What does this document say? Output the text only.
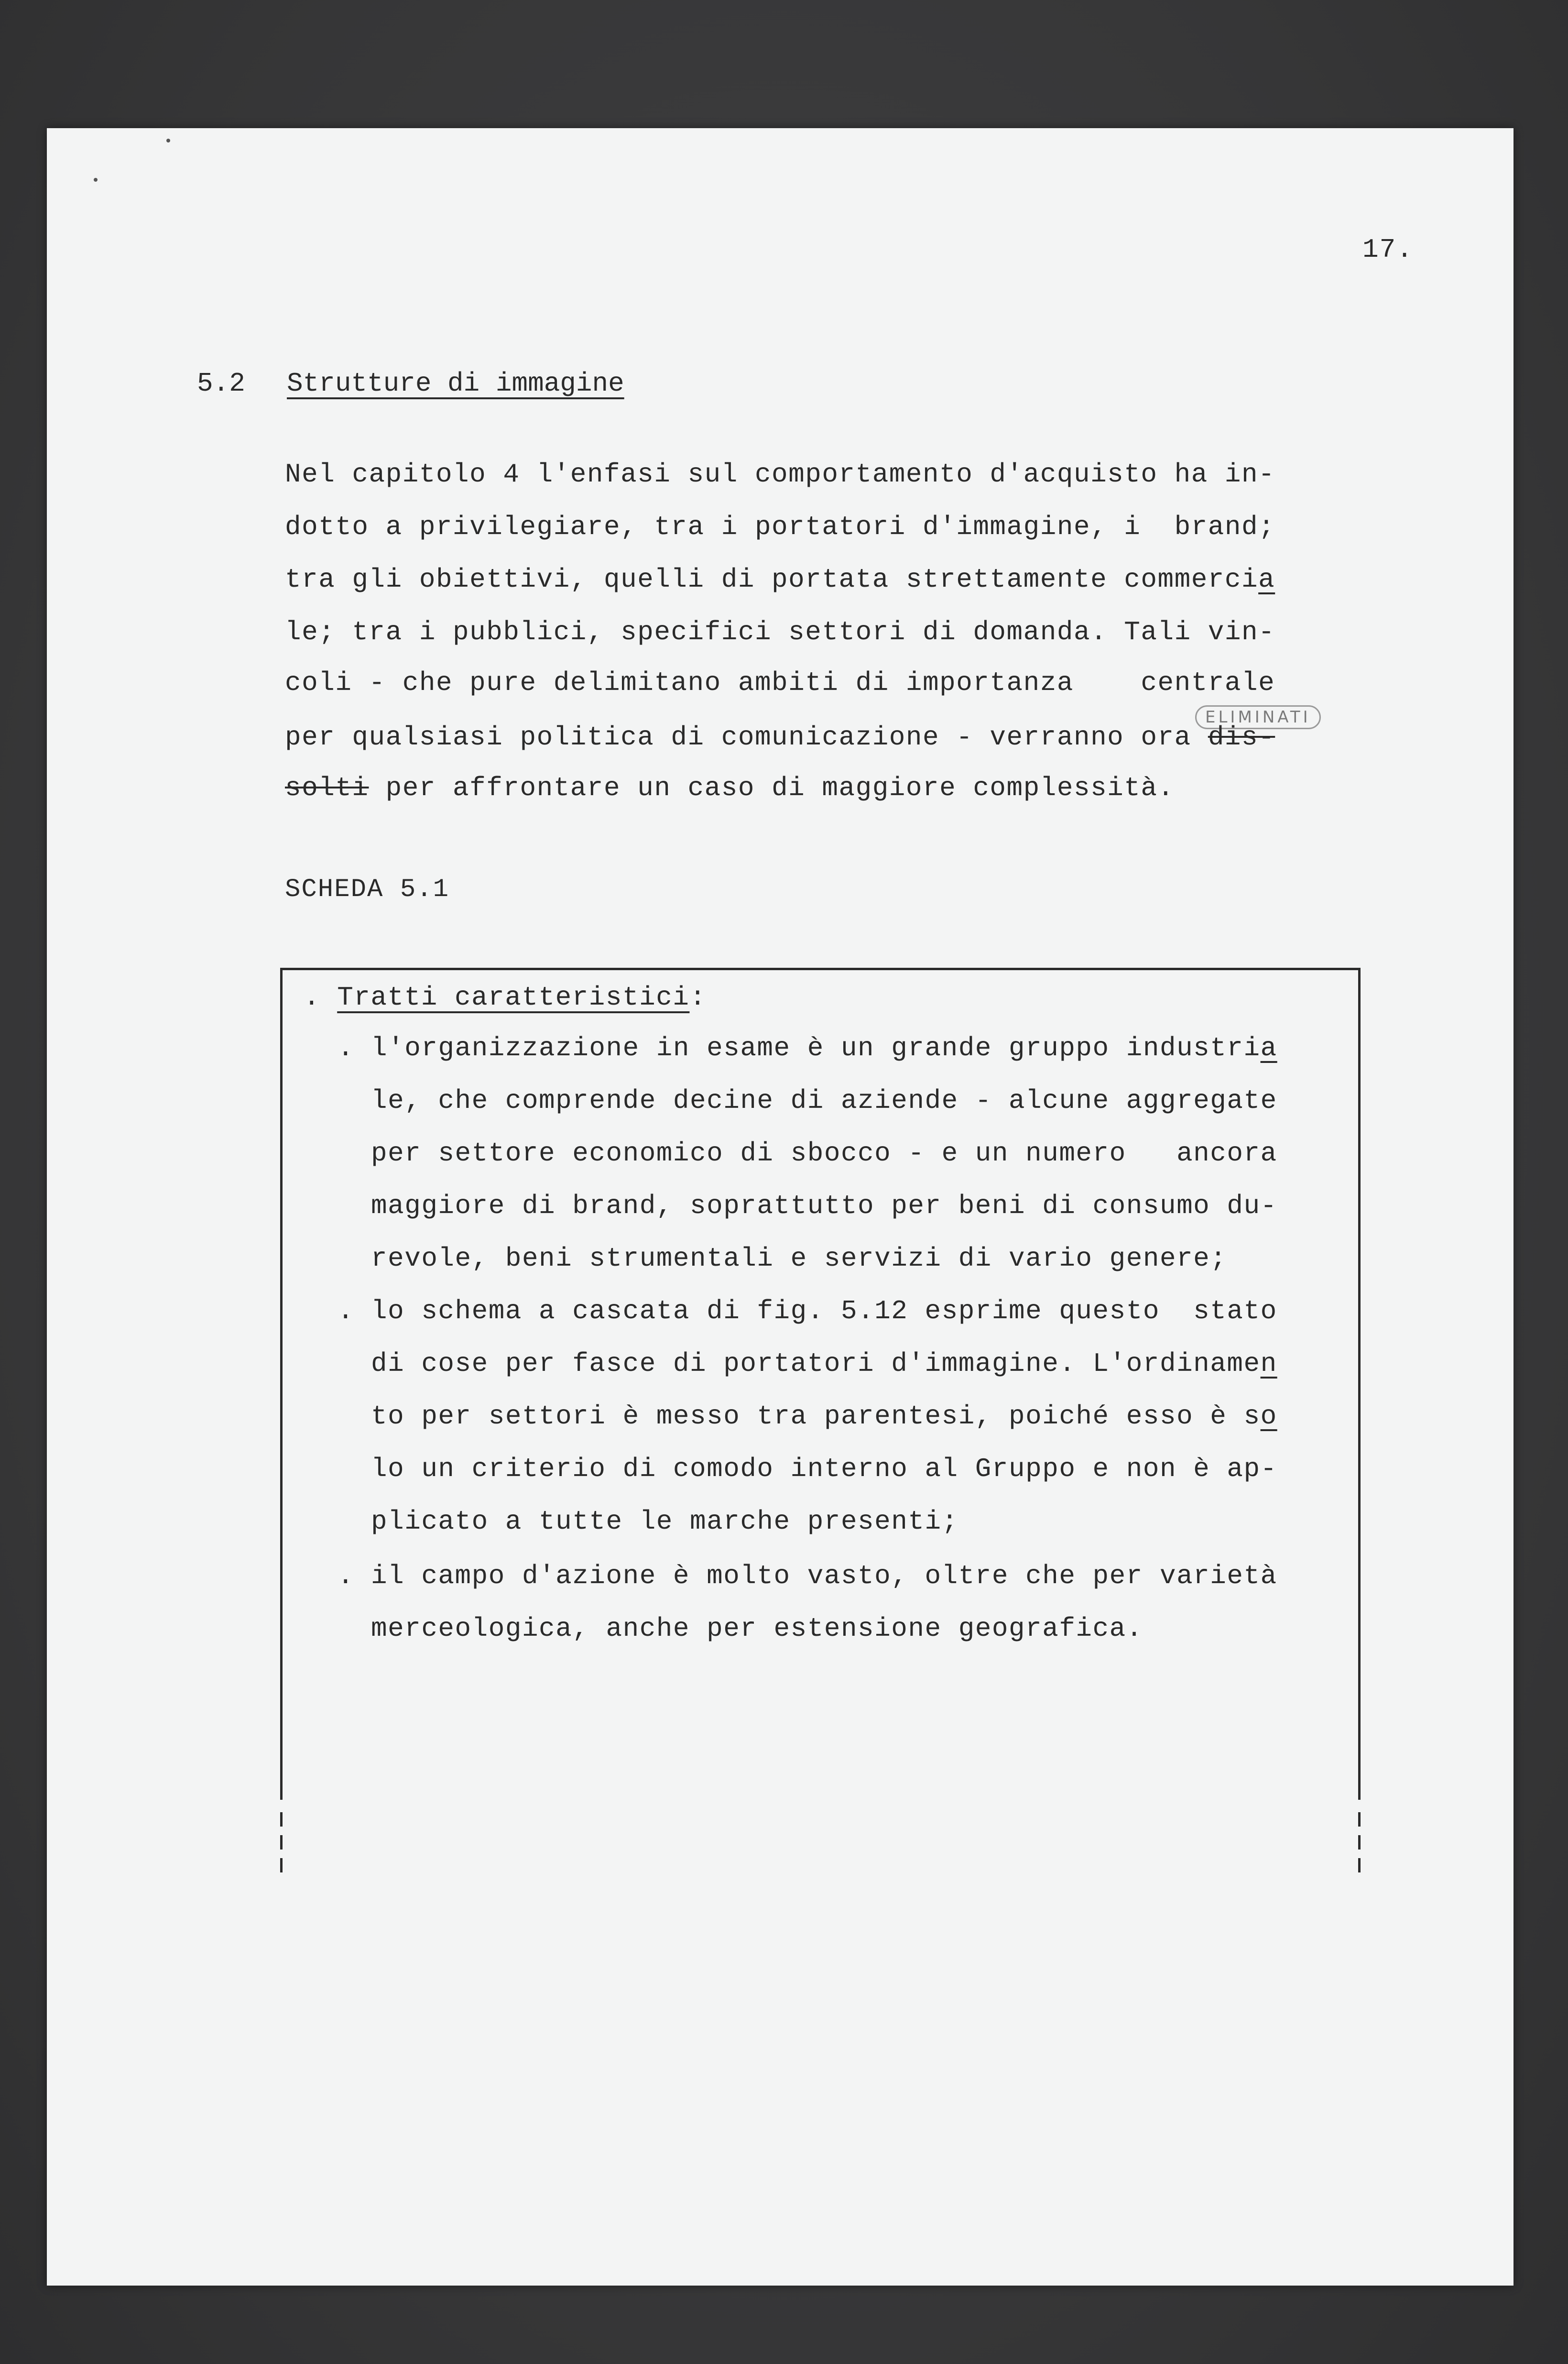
17.
5.2 Strutture di immagine
Nel capitolo 4 l'enfasi sul comportamento d'acquisto ha in-
dotto a privilegiare, tra i portatori d'immagine, i  brand;
tra gli obiettivi, quelli di portata strettamente commercia
le; tra i pubblici, specifici settori di domanda. Tali vin-
coli - che pure delimitano ambiti di importanza    centrale
ELIMINATI
per qualsiasi politica di comunicazione - verranno ora dis-
solti per affrontare un caso di maggiore complessità.
SCHEDA 5.1
. Tratti caratteristici:
. l'organizzazione in esame è un grande gruppo industria
le, che comprende decine di aziende - alcune aggregate
per settore economico di sbocco - e un numero   ancora
maggiore di brand, soprattutto per beni di consumo du-
revole, beni strumentali e servizi di vario genere;
. lo schema a cascata di fig. 5.12 esprime questo  stato
di cose per fasce di portatori d'immagine. L'ordinamen
to per settori è messo tra parentesi, poiché esso è so
lo un criterio di comodo interno al Gruppo e non è ap-
plicato a tutte le marche presenti;
. il campo d'azione è molto vasto, oltre che per varietà
merceologica, anche per estensione geografica.
